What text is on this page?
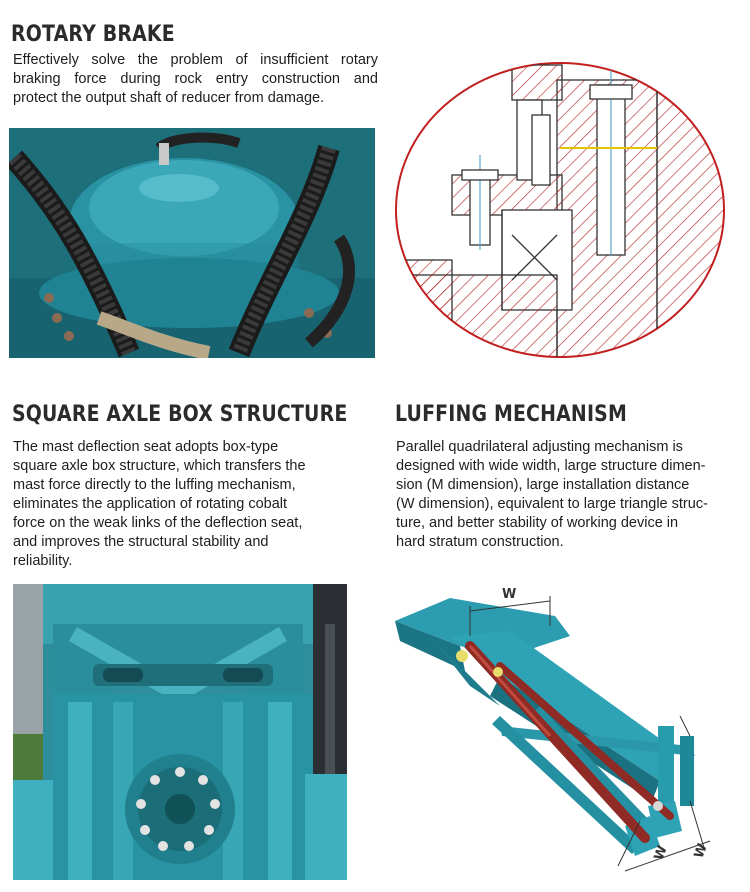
ROTARY BRAKE
Effectively solve the problem of insufficient rotary
braking force during rock entry construction and
protect the output shaft of reducer from damage.
SQUARE AXLE BOX STRUCTURE
The mast deflection seat adopts box-type
square axle box structure, which transfers the
mast force directly to the luffing mechanism,
eliminates the application of rotating cobalt
force on the weak links of the deflection seat,
and improves the structural stability and
reliability.
LUFFING MECHANISM
Parallel quadrilateral adjusting mechanism is
designed with wide width, large structure dimen-
sion (M dimension), large installation distance
(W dimension), equivalent to large triangle struc-
ture, and better stability of working device in
hard stratum construction.
W
W W
